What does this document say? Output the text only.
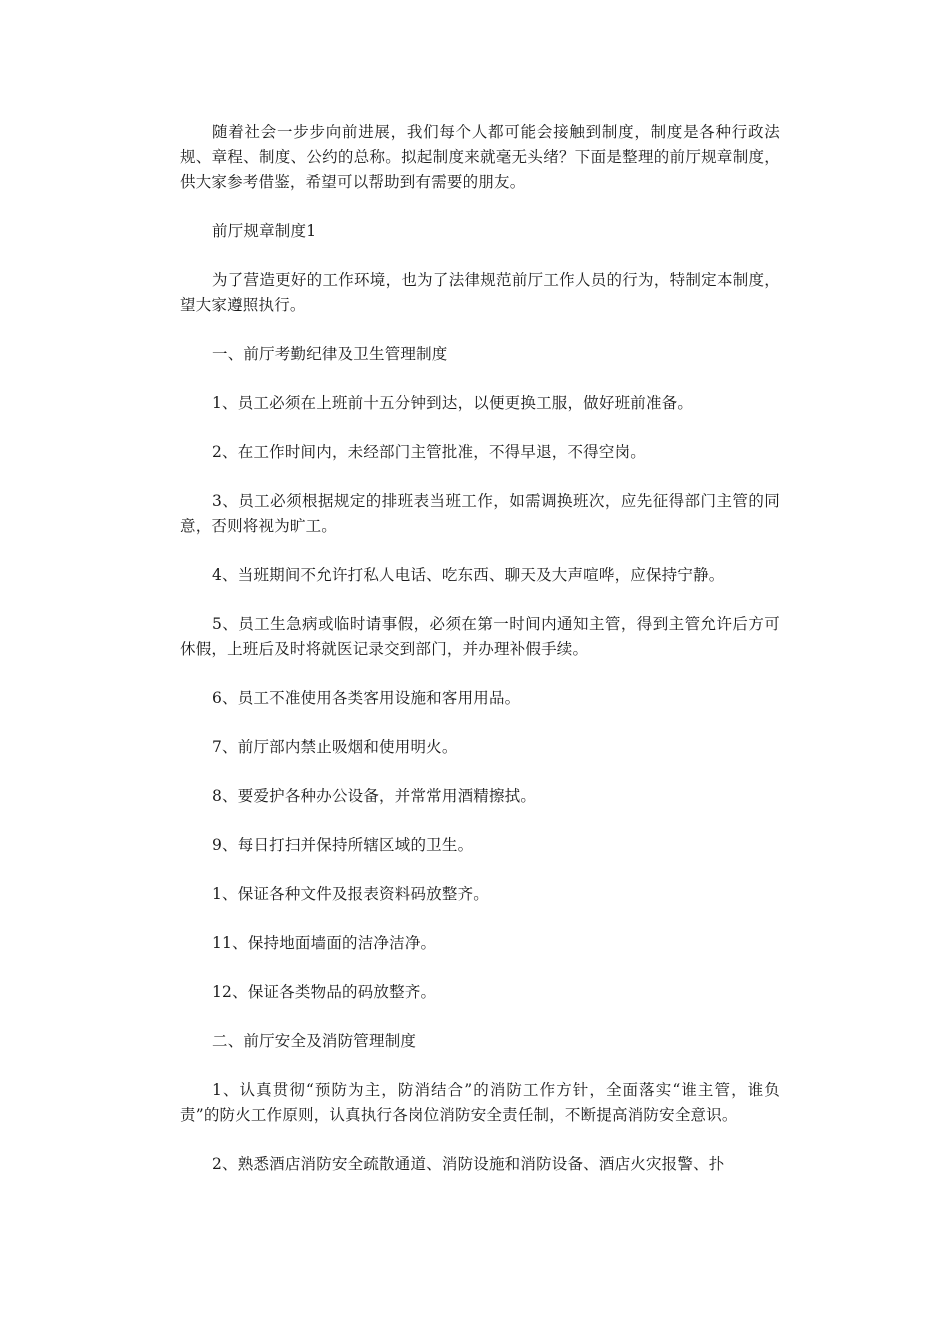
随着社会一步步向前进展，我们每个人都可能会接触到制度，制度是各种行政法规、章程、制度、公约的总称。拟起制度来就毫无头绪？下面是整理的前厅规章制度，供大家参考借鉴，希望可以帮助到有需要的朋友。

前厅规章制度1

为了营造更好的工作环境，也为了法律规范前厅工作人员的行为，特制定本制度，望大家遵照执行。

一、前厅考勤纪律及卫生管理制度

1、员工必须在上班前十五分钟到达，以便更换工服，做好班前准备。

2、在工作时间内，未经部门主管批准，不得早退，不得空岗。

3、员工必须根据规定的排班表当班工作，如需调换班次，应先征得部门主管的同意，否则将视为旷工。

4、当班期间不允许打私人电话、吃东西、聊天及大声喧哗，应保持宁静。

5、员工生急病或临时请事假，必须在第一时间内通知主管，得到主管允许后方可休假，上班后及时将就医记录交到部门，并办理补假手续。

6、员工不准使用各类客用设施和客用用品。

7、前厅部内禁止吸烟和使用明火。

8、要爱护各种办公设备，并常常用酒精擦拭。

9、每日打扫并保持所辖区域的卫生。

1、保证各种文件及报表资料码放整齐。

11、保持地面墙面的洁净洁净。

12、保证各类物品的码放整齐。

二、前厅安全及消防管理制度

1、认真贯彻“预防为主，防消结合”的消防工作方针，全面落实“谁主管，谁负责”的防火工作原则，认真执行各岗位消防安全责任制，不断提高消防安全意识。

2、熟悉酒店消防安全疏散通道、消防设施和消防设备、酒店火灾报警、扑
